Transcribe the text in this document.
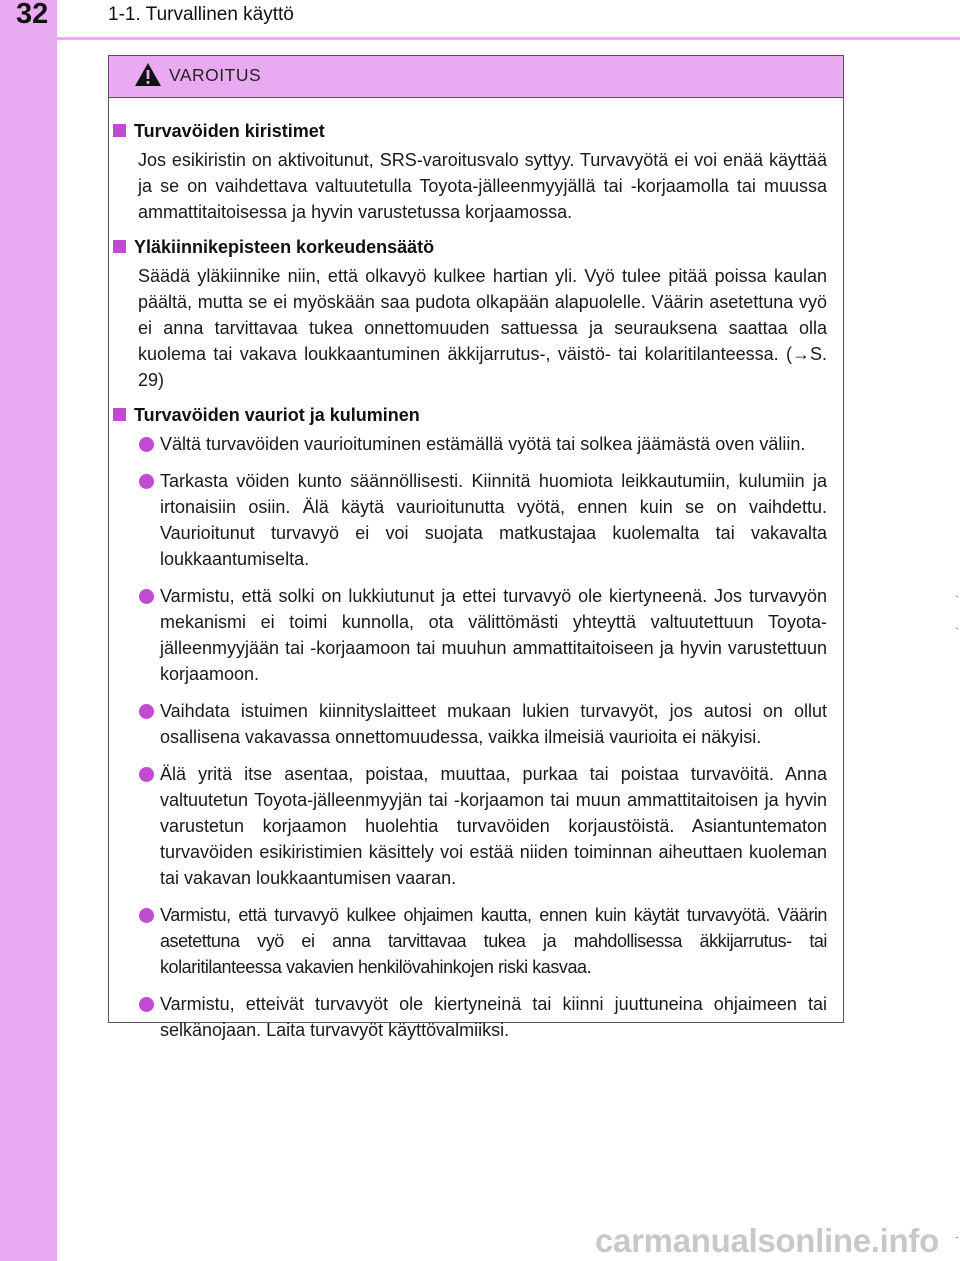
32	1-1. Turvallinen käyttö
VAROITUS
Turvavöiden kiristimet
Jos esikiristin on aktivoitunut, SRS-varoitusvalo syttyy. Turvavyötä ei voi enää käyttää ja se on vaihdettava valtuutetulla Toyota-jälleenmyyjällä tai -korjaamolla tai muussa ammattitaitoisessa ja hyvin varustetussa korjaamossa.
Yläkiinnikepisteen korkeudensäätö
Säädä yläkiinnike niin, että olkavyö kulkee hartian yli. Vyö tulee pitää poissa kaulan päältä, mutta se ei myöskään saa pudota olkapään alapuolelle. Väärin asetettuna vyö ei anna tarvittavaa tukea onnettomuuden sattuessa ja seurauksena saattaa olla kuolema tai vakava loukkaantuminen äkkijarrutus-, väistö- tai kolaritilanteessa. (→S. 29)
Turvavöiden vauriot ja kuluminen
Vältä turvavöiden vaurioituminen estämällä vyötä tai solkea jäämästä oven väliin.
Tarkasta vöiden kunto säännöllisesti. Kiinnitä huomiota leikkautumiin, kulumiin ja irtonaisiin osiin. Älä käytä vaurioitunutta vyötä, ennen kuin se on vaihdettu. Vaurioitunut turvavyö ei voi suojata matkustajaa kuolemalta tai vakavalta loukkaantumiselta.
Varmistu, että solki on lukkiutunut ja ettei turvavyö ole kiertyneenä. Jos turvavyön mekanismi ei toimi kunnolla, ota välittömästi yhteyttä valtuutettuun Toyota-jälleenmyyjään tai -korjaamoon tai muuhun ammattitaitoiseen ja hyvin varustettuun korjaamoon.
Vaihdata istuimen kiinnityslaitteet mukaan lukien turvavyöt, jos autosi on ollut osallisena vakavassa onnettomuudessa, vaikka ilmeisiä vaurioita ei näkyisi.
Älä yritä itse asentaa, poistaa, muuttaa, purkaa tai poistaa turvavöitä. Anna valtuutetun Toyota-jälleenmyyjän tai -korjaamon tai muun ammattitaitoisen ja hyvin varustetun korjaamon huolehtia turvavöiden korjaustöistä. Asiantuntematon turvavöiden esikiristimien käsittely voi estää niiden toiminnan aiheuttaen kuoleman tai vakavan loukkaantumisen vaaran.
Varmistu, että turvavyö kulkee ohjaimen kautta, ennen kuin käytät turvavyötä. Väärin asetettuna vyö ei anna tarvittavaa tukea ja mahdollisessa äkkijarrutus- tai kolaritilanteessa vakavien henkilövahinkojen riski kasvaa.
Varmistu, etteivät turvavyöt ole kiertyneinä tai kiinni juuttuneina ohjaimeen tai selkänojaan. Laita turvavyöt käyttövalmiiksi.
carmanualsonline.info
